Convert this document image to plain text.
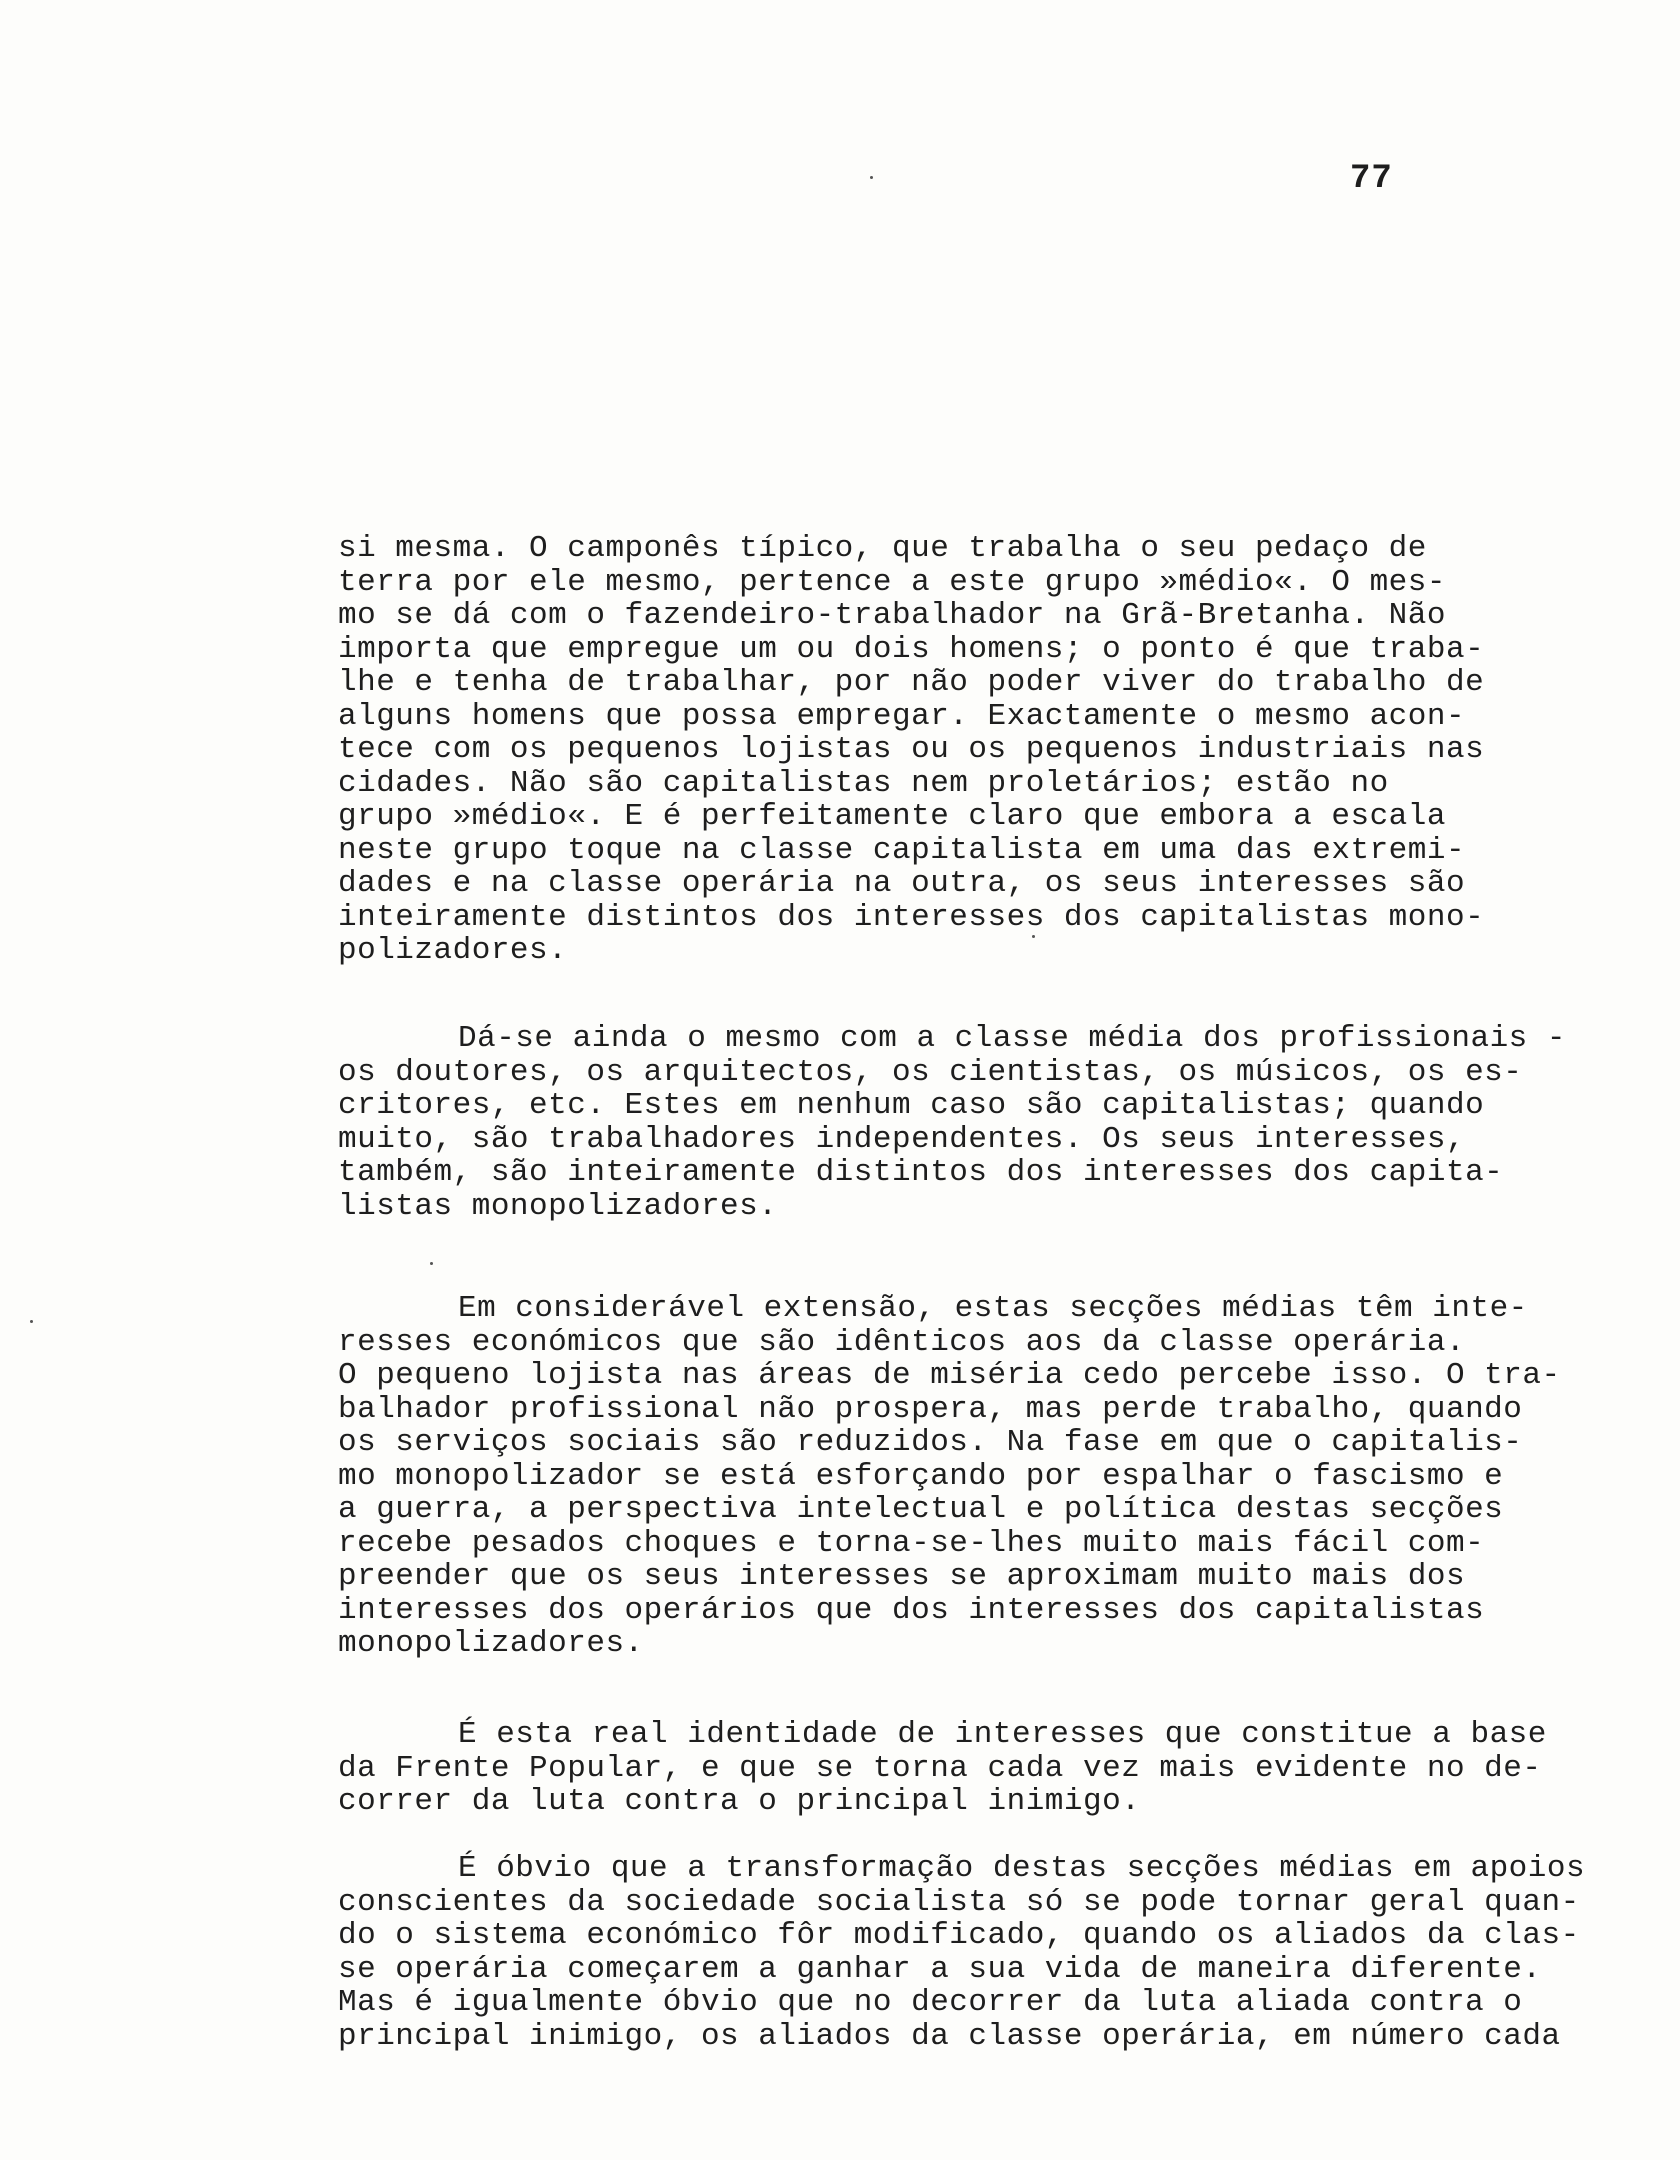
77
si mesma. O camponês típico, que trabalha o seu pedaço de
terra por ele mesmo, pertence a este grupo »médio«. O mes-
mo se dá com o fazendeiro-trabalhador na Grã-Bretanha. Não
importa que empregue um ou dois homens; o ponto é que traba-
lhe e tenha de trabalhar, por não poder viver do trabalho de
alguns homens que possa empregar. Exactamente o mesmo acon-
tece com os pequenos lojistas ou os pequenos industriais nas
cidades. Não são capitalistas nem proletários; estão no
grupo »médio«. E é perfeitamente claro que embora a escala
neste grupo toque na classe capitalista em uma das extremi-
dades e na classe operária na outra, os seus interesses são
inteiramente distintos dos interesses dos capitalistas mono-
polizadores.
Dá-se ainda o mesmo com a classe média dos profissionais -
os doutores, os arquitectos, os cientistas, os músicos, os es-
critores, etc. Estes em nenhum caso são capitalistas; quando
muito, são trabalhadores independentes. Os seus interesses,
também, são inteiramente distintos dos interesses dos capita-
listas monopolizadores.
Em considerável extensão, estas secções médias têm inte-
resses económicos que são idênticos aos da classe operária.
O pequeno lojista nas áreas de miséria cedo percebe isso. O tra-
balhador profissional não prospera, mas perde trabalho, quando
os serviços sociais são reduzidos. Na fase em que o capitalis-
mo monopolizador se está esforçando por espalhar o fascismo e
a guerra, a perspectiva intelectual e política destas secções
recebe pesados choques e torna-se-lhes muito mais fácil com-
preender que os seus interesses se aproximam muito mais dos
interesses dos operários que dos interesses dos capitalistas
monopolizadores.
É esta real identidade de interesses que constitue a base
da Frente Popular, e que se torna cada vez mais evidente no de-
correr da luta contra o principal inimigo.
É óbvio que a transformação destas secções médias em apoios
conscientes da sociedade socialista só se pode tornar geral quan-
do o sistema económico fôr modificado, quando os aliados da clas-
se operária começarem a ganhar a sua vida de maneira diferente.
Mas é igualmente óbvio que no decorrer da luta aliada contra o
principal inimigo, os aliados da classe operária, em número cada
